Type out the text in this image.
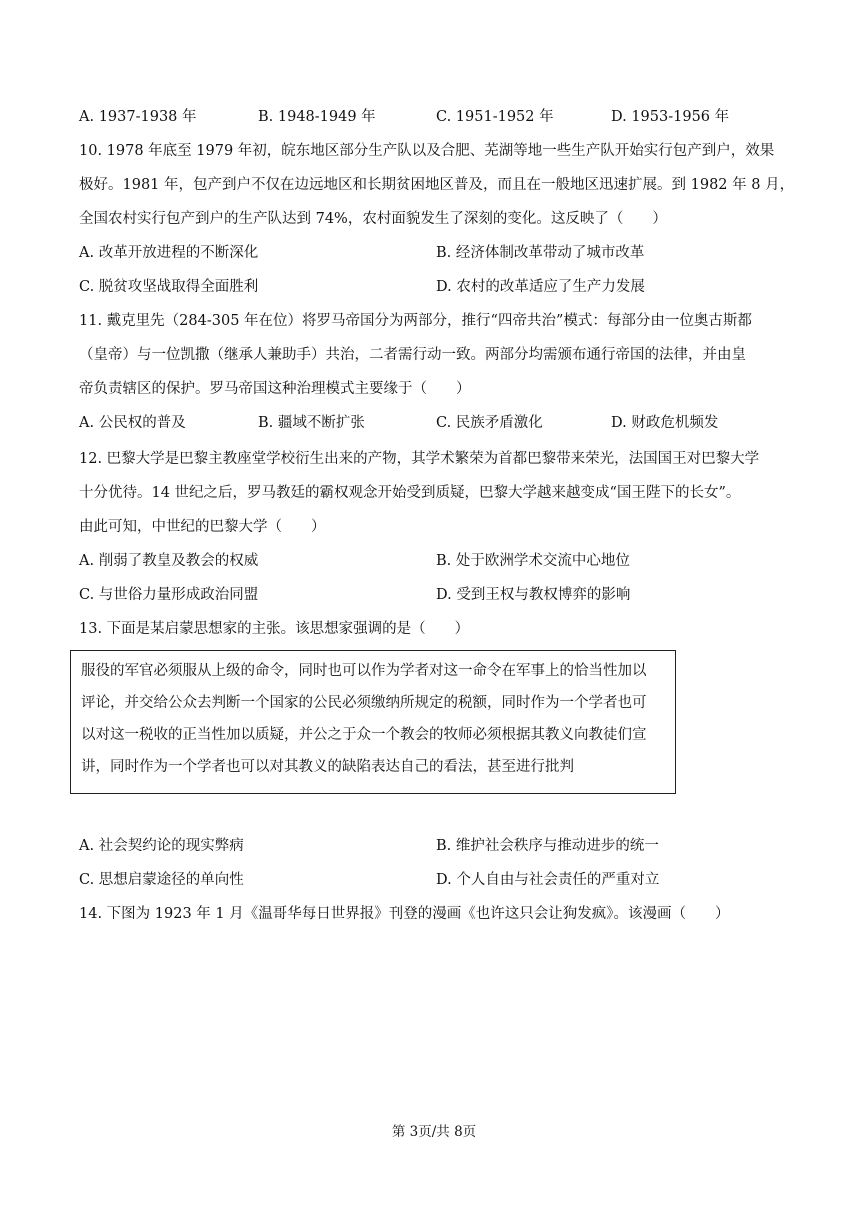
A. 1937-1938 年	B. 1948-1949 年	C. 1951-1952 年	D. 1953-1956 年
10. 1978 年底至 1979 年初，皖东地区部分生产队以及合肥、芜湖等地一些生产队开始实行包产到户，效果
极好。1981 年，包产到户不仅在边远地区和长期贫困地区普及，而且在一般地区迅速扩展。到 1982 年 8 月，
全国农村实行包产到户的生产队达到 74%，农村面貌发生了深刻的变化。这反映了（　　）
A. 改革开放进程的不断深化	B. 经济体制改革带动了城市改革
C. 脱贫攻坚战取得全面胜利	D. 农村的改革适应了生产力发展
11. 戴克里先（284-305 年在位）将罗马帝国分为两部分，推行“四帝共治”模式：每部分由一位奥古斯都
（皇帝）与一位凯撒（继承人兼助手）共治，二者需行动一致。两部分均需颁布通行帝国的法律，并由皇
帝负责辖区的保护。罗马帝国这种治理模式主要缘于（　　）
A. 公民权的普及	B. 疆域不断扩张	C. 民族矛盾激化	D. 财政危机频发
12. 巴黎大学是巴黎主教座堂学校衍生出来的产物，其学术繁荣为首都巴黎带来荣光，法国国王对巴黎大学
十分优待。14 世纪之后，罗马教廷的霸权观念开始受到质疑，巴黎大学越来越变成“国王陛下的长女”。
由此可知，中世纪的巴黎大学（　　）
A. 削弱了教皇及教会的权威	B. 处于欧洲学术交流中心地位
C. 与世俗力量形成政治同盟	D. 受到王权与教权博弈的影响
13. 下面是某启蒙思想家的主张。该思想家强调的是（　　）
服役的军官必须服从上级的命令，同时也可以作为学者对这一命令在军事上的恰当性加以
评论，并交给公众去判断一个国家的公民必须缴纳所规定的税额，同时作为一个学者也可
以对这一税收的正当性加以质疑，并公之于众一个教会的牧师必须根据其教义向教徒们宣
讲，同时作为一个学者也可以对其教义的缺陷表达自己的看法，甚至进行批判
A. 社会契约论的现实弊病	B. 维护社会秩序与推动进步的统一
C. 思想启蒙途径的单向性	D. 个人自由与社会责任的严重对立
14. 下图为 1923 年 1 月《温哥华每日世界报》刊登的漫画《也许这只会让狗发疯》。该漫画（　　）
第 3页/共 8页
